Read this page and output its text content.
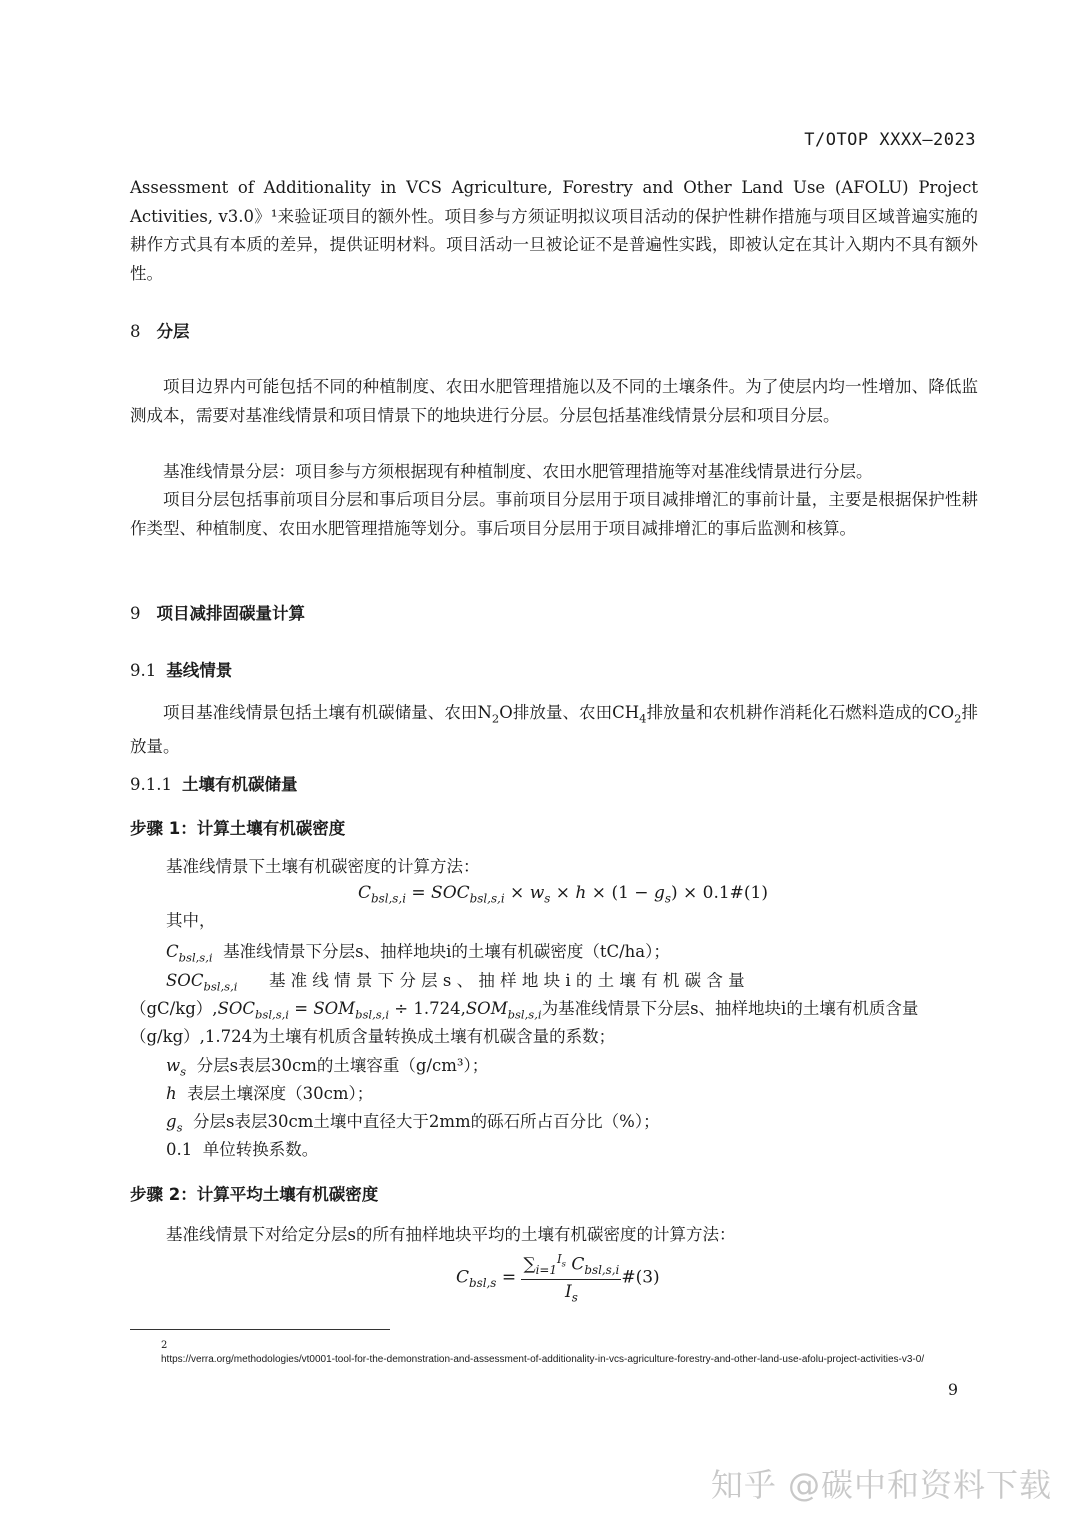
T/OTOP XXXX—2023
Assessment of Additionality in VCS Agriculture, Forestry and Other Land Use (AFOLU) Project Activities, v3.0》¹来验证项目的额外性。项目参与方须证明拟议项目活动的保护性耕作措施与项目区域普遍实施的耕作方式具有本质的差异，提供证明材料。项目活动一旦被论证不是普遍性实践，即被认定在其计入期内不具有额外性。
8 分层
项目边界内可能包括不同的种植制度、农田水肥管理措施以及不同的土壤条件。为了使层内均一性增加、降低监测成本，需要对基准线情景和项目情景下的地块进行分层。分层包括基准线情景分层和项目分层。
基准线情景分层：项目参与方须根据现有种植制度、农田水肥管理措施等对基准线情景进行分层。
项目分层包括事前项目分层和事后项目分层。事前项目分层用于项目减排增汇的事前计量，主要是根据保护性耕作类型、种植制度、农田水肥管理措施等划分。事后项目分层用于项目减排增汇的事后监测和核算。
9 项目减排固碳量计算
9.1 基线情景
项目基准线情景包括土壤有机碳储量、农田$N_2O$排放量、农田$CH_4$排放量和农机耕作消耗化石燃料造成的$CO_2$排放量。
9.1.1 土壤有机碳储量
步骤 1：计算土壤有机碳密度
基准线情景下土壤有机碳密度的计算方法：
$C_{bsl,s,i} = SOC_{bsl,s,i} \times w_s \times h \times (1 - g_s)$ × 0.1#(1)
其中，
$C_{bsl,s,i}$ 基准线情景下分层s、抽样地块i的土壤有机碳密度（tC/ha）；
$SOC_{bsl,s,i}$ 基 准 线 情 景 下 分 层 s 、 抽 样 地 块 i 的 土 壤 有 机 碳 含 量
$(gC/kg),SOC_{bsl,s,i} = SOM_{bsl,s,i} \div 1.724,SOM_{bsl,s,i}$为基准线情景下分层s、抽样地块i的土壤有机质含量
（g/kg）,1.724为土壤有机质含量转换成土壤有机碳含量的系数；
$w_s$ 分层s表层30cm的土壤容重（g/cm³）；
h 表层土壤深度（30cm）；
$g_s$ 分层s表层30cm土壤中直径大于2mm的砾石所占百分比（%）；
0.1 单位转换系数。
步骤 2：计算平均土壤有机碳密度
基准线情景下对给定分层s的所有抽样地块平均的土壤有机碳密度的计算方法：
$C_{bsl,s} = \frac{\sum_{i=1}^{I_s} C_{bsl,s,i}}{I_s}$ #(3)
2
https://verra.org/methodologies/vt0001-tool-for-the-demonstration-and-assessment-of-additionality-in-vcs-agriculture-forestry-and-other-land-use-afolu-project-activities-v3-0/
9
知乎 @碳中和资料下载
